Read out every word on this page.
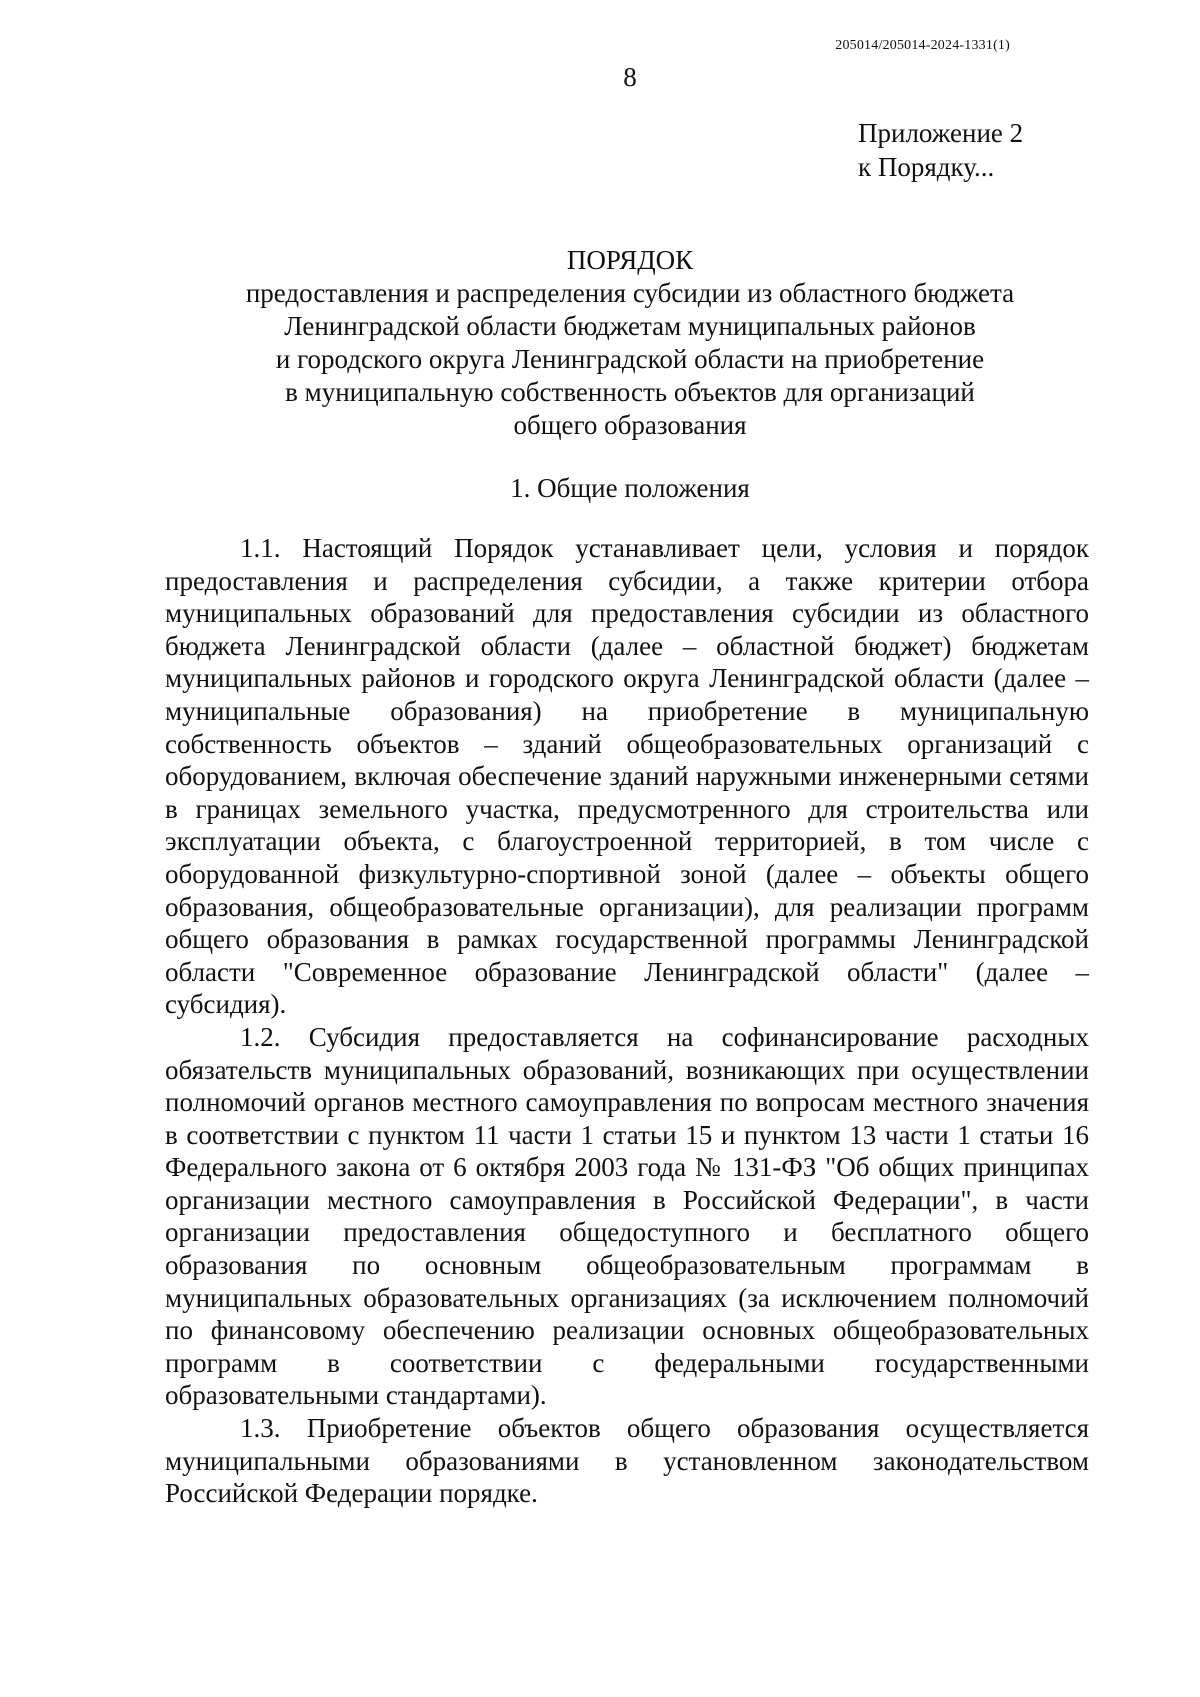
205014/205014-2024-1331(1)
8
Приложение 2
к Порядку...
ПОРЯДОК
предоставления и распределения субсидии из областного бюджета
Ленинградской области бюджетам муниципальных районов
и городского округа Ленинградской области на приобретение
в муниципальную собственность объектов для организаций
общего образования
1. Общие положения

1.1. Настоящий Порядок устанавливает цели, условия и порядок предоставления и распределения субсидии, а также критерии отбора муниципальных образований для предоставления субсидии из областного бюджета Ленинградской области (далее – областной бюджет) бюджетам муниципальных районов и городского округа Ленинградской области (далее – муниципальные образования) на приобретение в муниципальную собственность объектов – зданий общеобразовательных организаций с оборудованием, включая обеспечение зданий наружными инженерными сетями в границах земельного участка, предусмотренного для строительства или эксплуатации объекта, с благоустроенной территорией, в том числе с оборудованной физкультурно-спортивной зоной (далее – объекты общего образования, общеобразовательные организации), для реализации программ общего образования в рамках государственной программы Ленинградской области "Современное образование Ленинградской области" (далее – субсидия).

1.2. Субсидия предоставляется на софинансирование расходных обязательств муниципальных образований, возникающих при осуществлении полномочий органов местного самоуправления по вопросам местного значения в соответствии с пунктом 11 части 1 статьи 15 и пунктом 13 части 1 статьи 16 Федерального закона от 6 октября 2003 года № 131-ФЗ "Об общих принципах организации местного самоуправления в Российской Федерации", в части организации предоставления общедоступного и бесплатного общего образования по основным общеобразовательным программам в муниципальных образовательных организациях (за исключением полномочий по финансовому обеспечению реализации основных общеобразовательных программ в соответствии с федеральными государственными образовательными стандартами).

1.3. Приобретение объектов общего образования осуществляется муниципальными образованиями в установленном законодательством Российской Федерации порядке.
